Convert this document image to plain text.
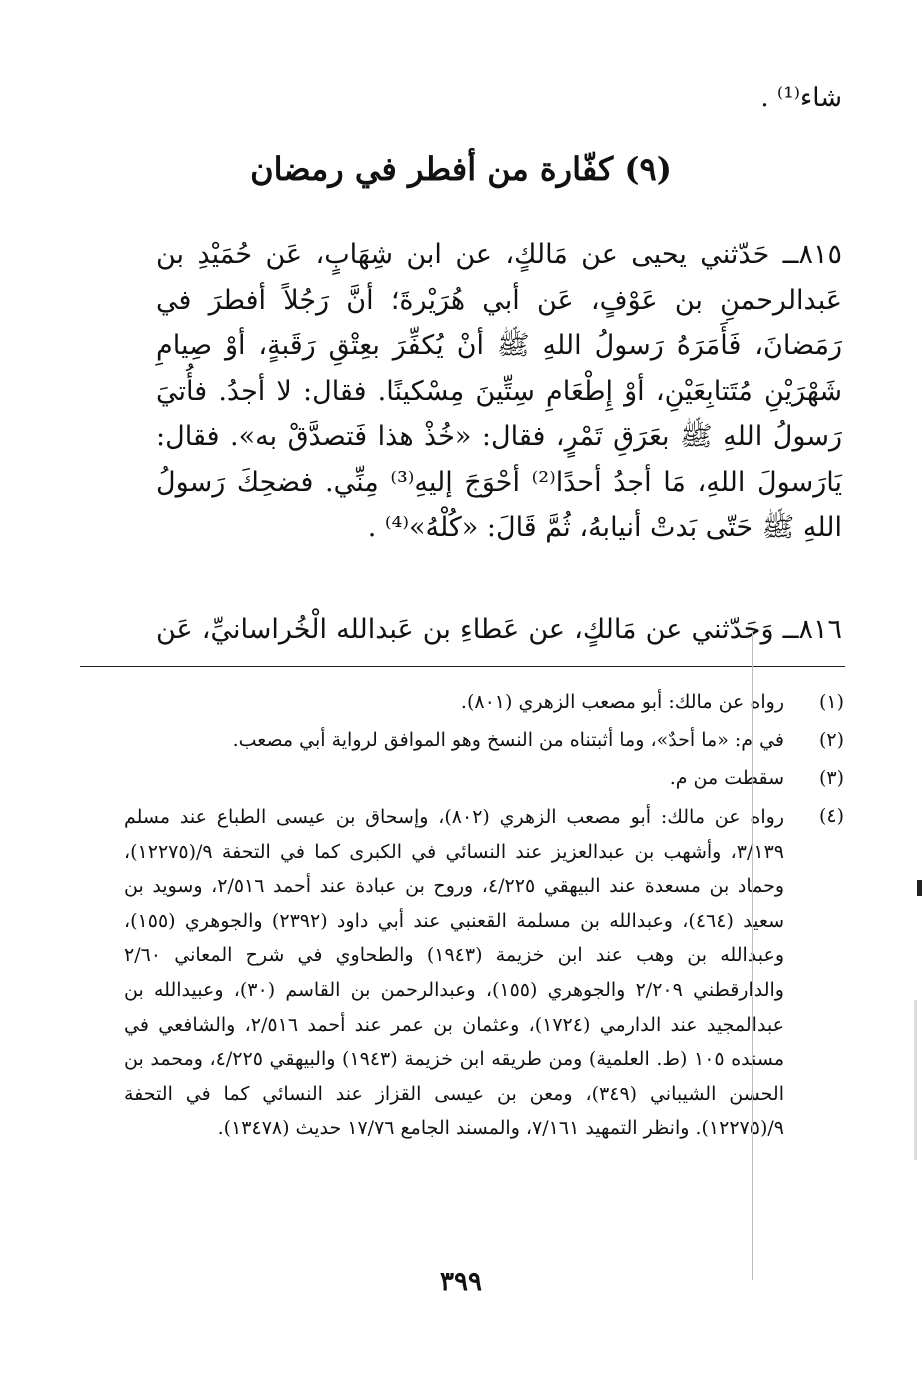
شاء⁽¹⁾ .
(٩) كفّارة من أفطر في رمضان
٨١٥ــ حَدّثني يحيى عن مَالكٍ، عن ابن شِهَابٍ، عَن حُمَيْدِ بن عَبدالرحمنِ بن عَوْفٍ، عَن أبي هُرَيْرةَ؛ أنَّ رَجُلاً أفطرَ في رَمَضانَ، فَأَمَرَهُ رَسولُ اللهِ ﷺ أنْ يُكفِّرَ بعِتْقِ رَقَبةٍ، أوْ صِيامِ شَهْرَيْنِ مُتَتابِعَيْنِ، أوْ إِطْعَامِ سِتِّينَ مِسْكينًا. فقال: لا أجدُ. فأُتيَ رَسولُ اللهِ ﷺ بعَرَقِ تَمْرٍ، فقال: «خُذْ هذا فَتصدَّقْ به». فقال: يَارَسولَ اللهِ، مَا أجدُ أحدًا⁽²⁾ أحْوَجَ إليهِ⁽³⁾ مِنِّي. فضحِكَ رَسولُ اللهِ ﷺ حَتّى بَدتْ أنيابهُ، ثُمَّ قَالَ: «كُلْهُ»⁽⁴⁾ .
٨١٦ــ وَحَدّثني عن مَالكٍ، عن عَطاءِ بن عَبدالله الْخُراسانيِّ، عَن
(١)
رواه عن مالك: أبو مصعب الزهري (٨٠١).
(٢)
في م: «ما أحدٌ»، وما أثبتناه من النسخ وهو الموافق لرواية أبي مصعب.
(٣)
سقطت من م.
(٤)
رواه عن مالك: أبو مصعب الزهري (٨٠٢)، وإسحاق بن عيسى الطباع عند مسلم ٣/١٣٩، وأشهب بن عبدالعزيز عند النسائي في الكبرى كما في التحفة ٩/(١٢٢٧٥)، وحماد بن مسعدة عند البيهقي ٤/٢٢٥، وروح بن عبادة عند أحمد ٢/٥١٦، وسويد بن سعيد (٤٦٤)، وعبدالله بن مسلمة القعنبي عند أبي داود (٢٣٩٢) والجوهري (١٥٥)، وعبدالله بن وهب عند ابن خزيمة (١٩٤٣) والطحاوي في شرح المعاني ٢/٦٠ والدارقطني ٢/٢٠٩ والجوهري (١٥٥)، وعبدالرحمن بن القاسم (٣٠)، وعبيدالله بن عبدالمجيد عند الدارمي (١٧٢٤)، وعثمان بن عمر عند أحمد ٢/٥١٦، والشافعي في مسنده ١٠٥ (ط. العلمية) ومن طريقه ابن خزيمة (١٩٤٣) والبيهقي ٤/٢٢٥، ومحمد بن الحسن الشيباني (٣٤٩)، ومعن بن عيسى القزاز عند النسائي كما في التحفة ٩/(١٢٢٧٥). وانظر التمهيد ٧/١٦١، والمسند الجامع ١٧/٧٦ حديث (١٣٤٧٨).
٣٩٩
